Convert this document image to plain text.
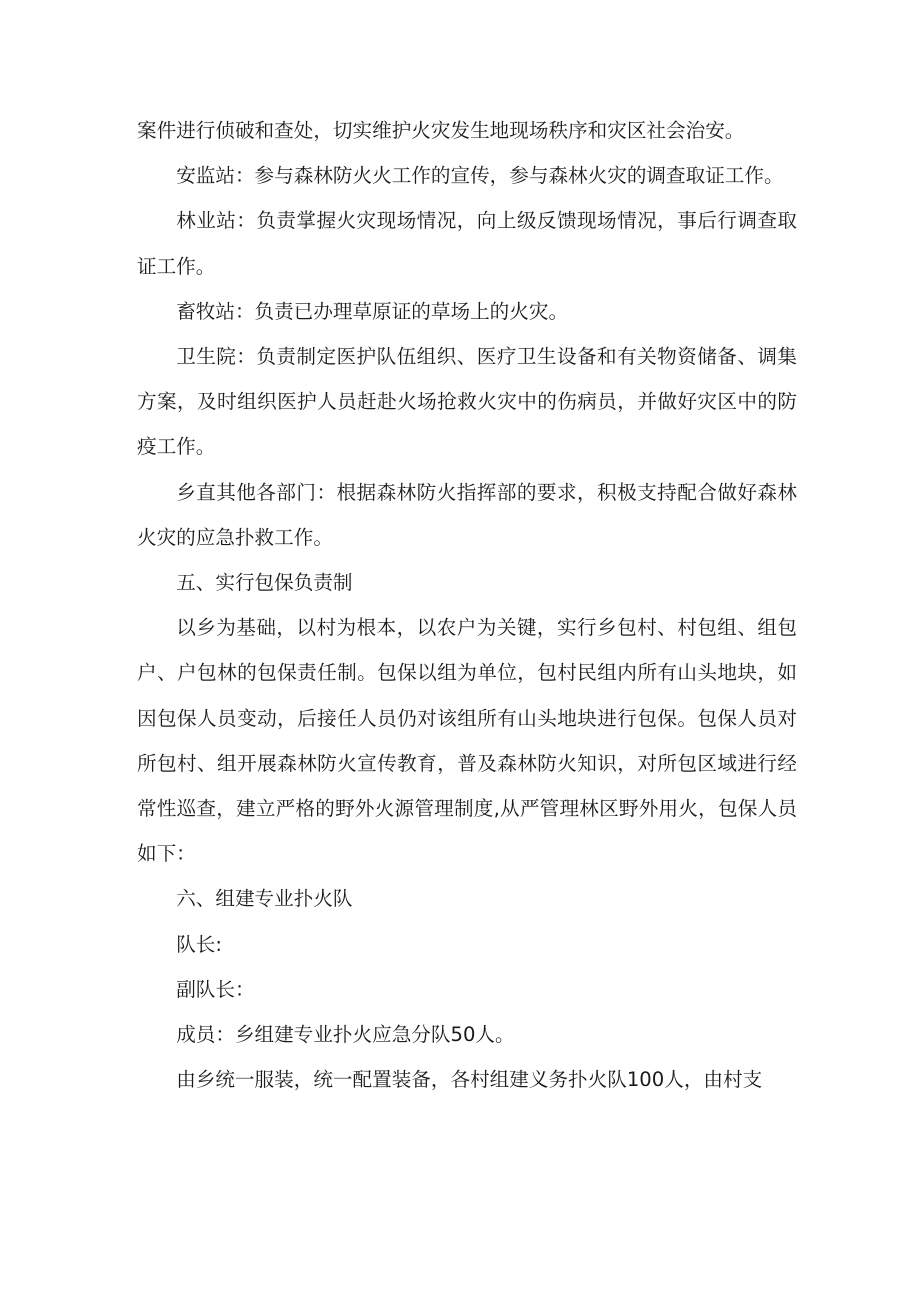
案件进行侦破和查处，切实维护火灾发生地现场秩序和灾区社会治安。

安监站：参与森林防火火工作的宣传，参与森林火灾的调查取证工作。

林业站：负责掌握火灾现场情况，向上级反馈现场情况，事后行调查取证工作。

畜牧站：负责已办理草原证的草场上的火灾。

卫生院：负责制定医护队伍组织、医疗卫生设备和有关物资储备、调集方案，及时组织医护人员赶赴火场抢救火灾中的伤病员，并做好灾区中的防疫工作。

乡直其他各部门：根据森林防火指挥部的要求，积极支持配合做好森林火灾的应急扑救工作。

五、实行包保负责制

以乡为基础，以村为根本，以农户为关键，实行乡包村、村包组、组包户、户包林的包保责任制。包保以组为单位，包村民组内所有山头地块，如因包保人员变动，后接任人员仍对该组所有山头地块进行包保。包保人员对所包村、组开展森林防火宣传教育，普及森林防火知识，对所包区域进行经常性巡查，建立严格的野外火源管理制度,从严管理林区野外用火，包保人员如下：

六、组建专业扑火队

队长:

副队长：

成员：乡组建专业扑火应急分队50人。

由乡统一服装，统一配置装备，各村组建义务扑火队100人，由村支
